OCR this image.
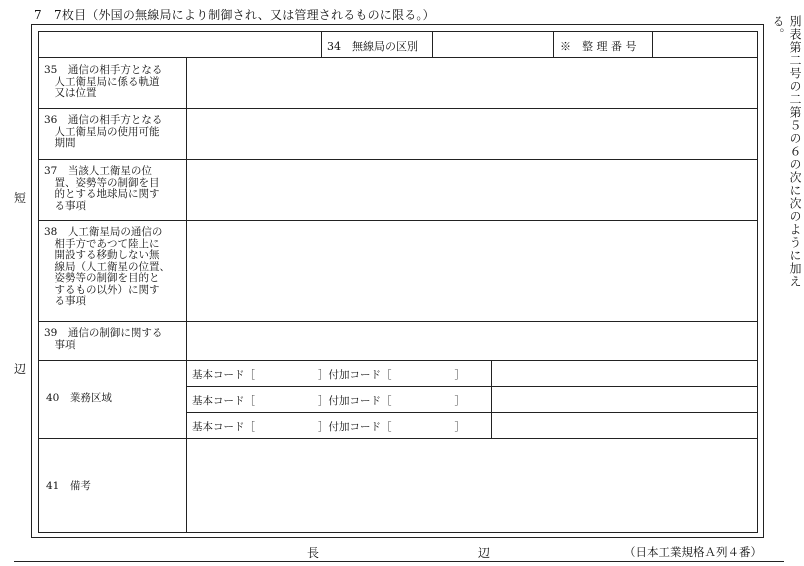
7　7枚目（外国の無線局により制御され、又は管理されるものに限る。）
34　無線局の区別	※　整 理 番 号
35　通信の相手方となる
　人工衛星局に係る軌道
　又は位置
36　通信の相手方となる
　人工衛星局の使用可能
　期間
37　当該人工衛星の位
　置、姿勢等の制御を目
　的とする地球局に関す
　る事項
38　人工衛星局の通信の
　相手方であつて陸上に
　開設する移動しない無
　線局（人工衛星の位置、
　姿勢等の制御を目的と
　するもの以外）に関す
　る事項
39　通信の制御に関する
　事項
40　業務区域
基本コード［　　　　　　］付加コード［　　　　　　］
基本コード［　　　　　　］付加コード［　　　　　　］
基本コード［　　　　　　］付加コード［　　　　　　］
41　備考
別表第二号の二第５の６の次に次のように加える。
短
辺
長	辺	（日本工業規格Ａ列４番）
